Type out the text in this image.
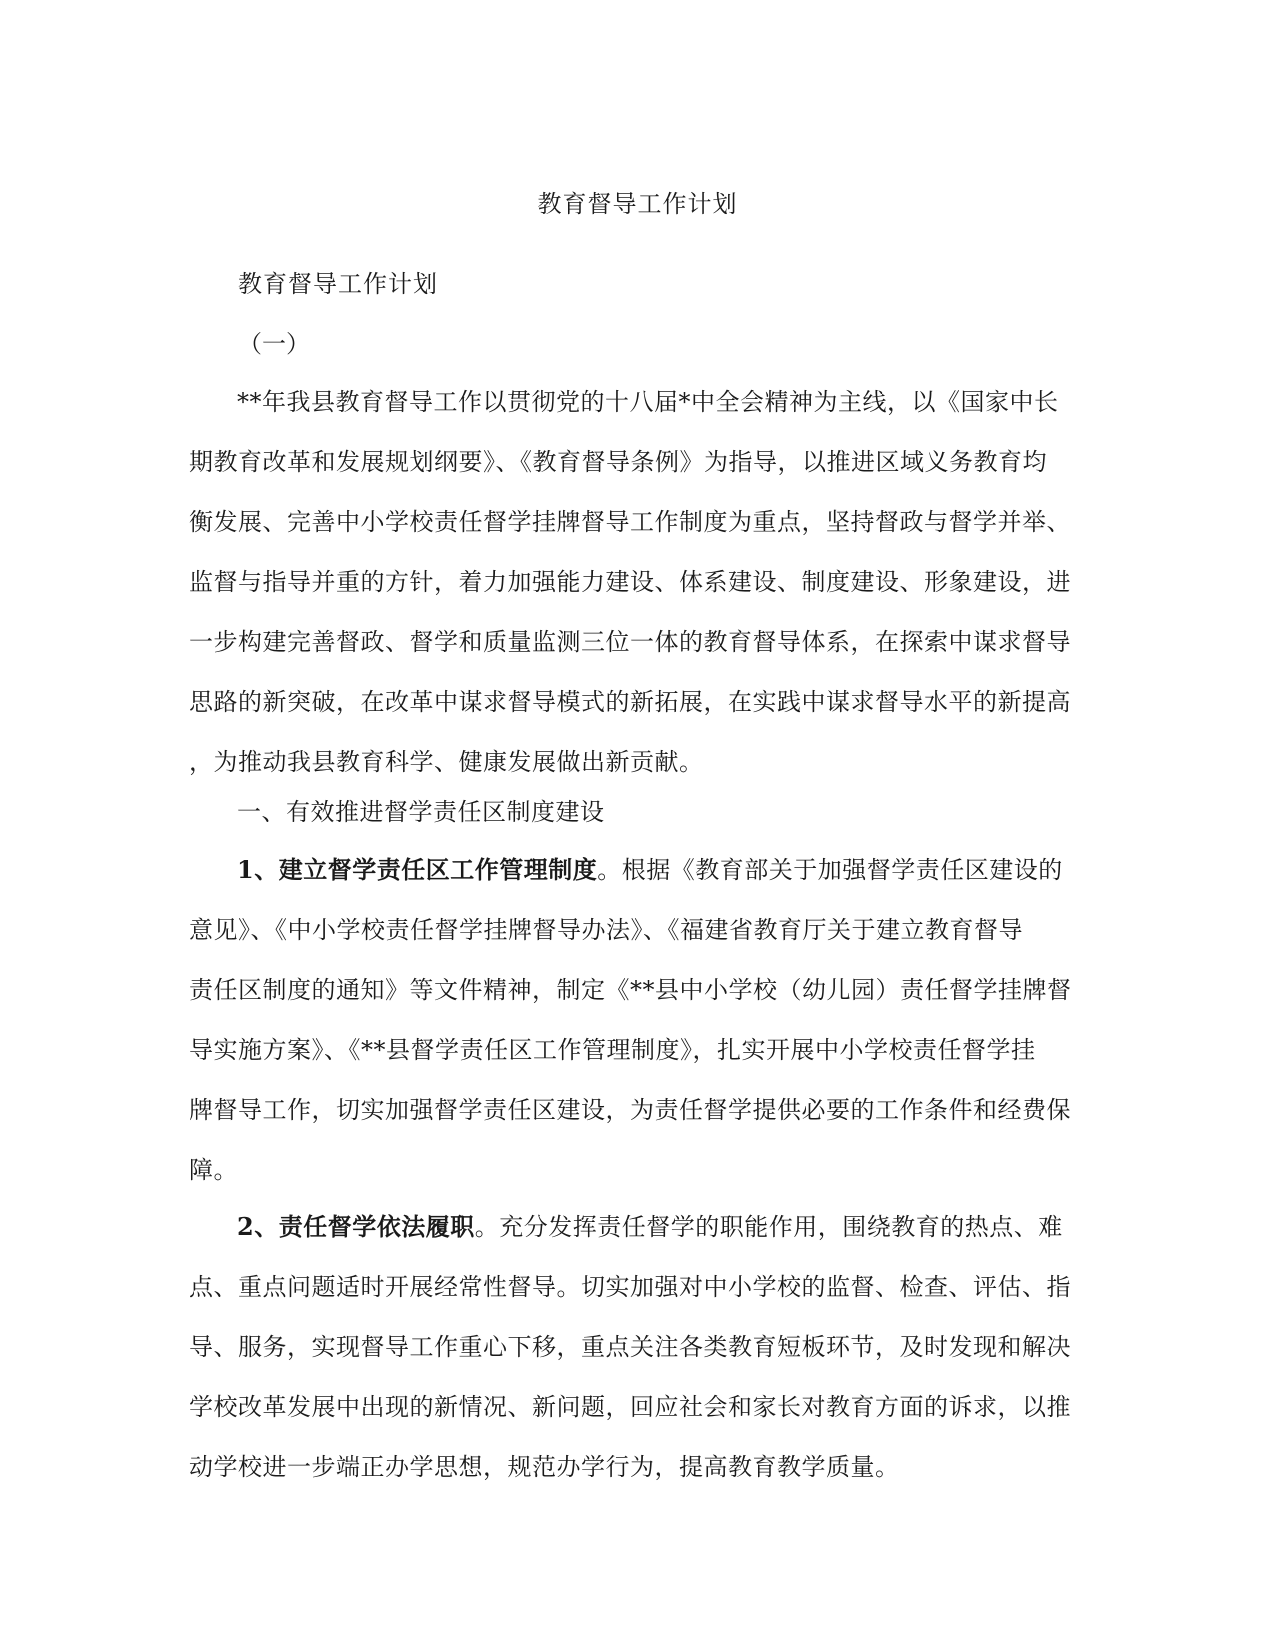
教育督导工作计划
教育督导工作计划
（一）
**年我县教育督导工作以贯彻党的十八届*中全会精神为主线，以《国家中长
期教育改革和发展规划纲要》、《教育督导条例》为指导，以推进区域义务教育均
衡发展、完善中小学校责任督学挂牌督导工作制度为重点，坚持督政与督学并举、
监督与指导并重的方针，着力加强能力建设、体系建设、制度建设、形象建设，进
一步构建完善督政、督学和质量监测三位一体的教育督导体系，在探索中谋求督导
思路的新突破，在改革中谋求督导模式的新拓展，在实践中谋求督导水平的新提高
，为推动我县教育科学、健康发展做出新贡献。
一、有效推进督学责任区制度建设
1、建立督学责任区工作管理制度。根据《教育部关于加强督学责任区建设的
意见》、《中小学校责任督学挂牌督导办法》、《福建省教育厅关于建立教育督导
责任区制度的通知》等文件精神，制定《**县中小学校（幼儿园）责任督学挂牌督
导实施方案》、《**县督学责任区工作管理制度》，扎实开展中小学校责任督学挂
牌督导工作，切实加强督学责任区建设，为责任督学提供必要的工作条件和经费保
障。
2、责任督学依法履职。充分发挥责任督学的职能作用，围绕教育的热点、难
点、重点问题适时开展经常性督导。切实加强对中小学校的监督、检查、评估、指
导、服务，实现督导工作重心下移，重点关注各类教育短板环节，及时发现和解决
学校改革发展中出现的新情况、新问题，回应社会和家长对教育方面的诉求，以推
动学校进一步端正办学思想，规范办学行为，提高教育教学质量。
